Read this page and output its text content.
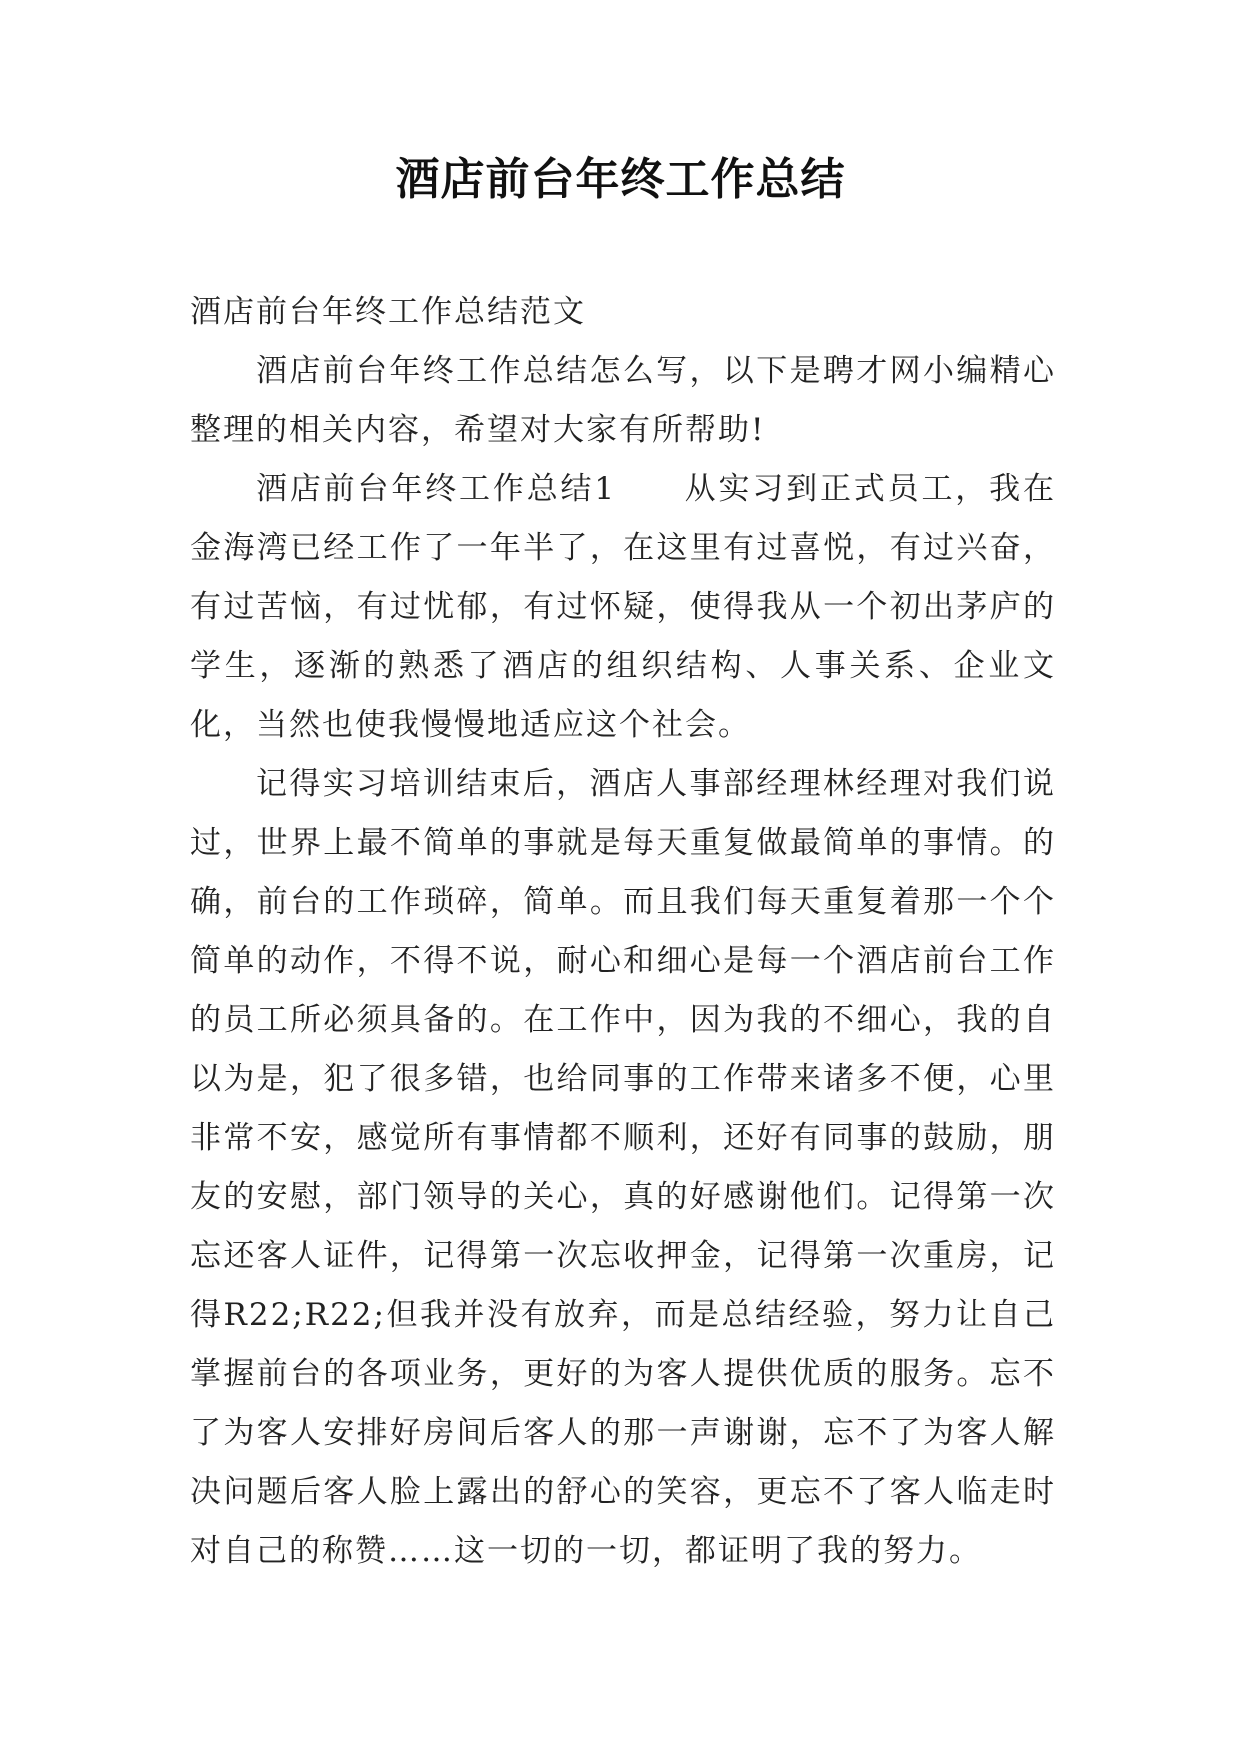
酒店前台年终工作总结

酒店前台年终工作总结范文

酒店前台年终工作总结怎么写，以下是聘才网小编精心整理的相关内容，希望对大家有所帮助!

酒店前台年终工作总结1　　从实习到正式员工，我在金海湾已经工作了一年半了，在这里有过喜悦，有过兴奋，有过苦恼，有过忧郁，有过怀疑，使得我从一个初出茅庐的学生，逐渐的熟悉了酒店的组织结构、人事关系、企业文化，当然也使我慢慢地适应这个社会。

记得实习培训结束后，酒店人事部经理林经理对我们说过，世界上最不简单的事就是每天重复做最简单的事情。的确，前台的工作琐碎，简单。而且我们每天重复着那一个个简单的动作，不得不说，耐心和细心是每一个酒店前台工作的员工所必须具备的。在工作中，因为我的不细心，我的自以为是，犯了很多错，也给同事的工作带来诸多不便，心里非常不安，感觉所有事情都不顺利，还好有同事的鼓励，朋友的安慰，部门领导的关心，真的好感谢他们。记得第一次忘还客人证件，记得第一次忘收押金，记得第一次重房，记得R22;R22;但我并没有放弃，而是总结经验，努力让自己掌握前台的各项业务，更好的为客人提供优质的服务。忘不了为客人安排好房间后客人的那一声谢谢，忘不了为客人解决问题后客人脸上露出的舒心的笑容，更忘不了客人临走时对自己的称赞……这一切的一切，都证明了我的努力。
